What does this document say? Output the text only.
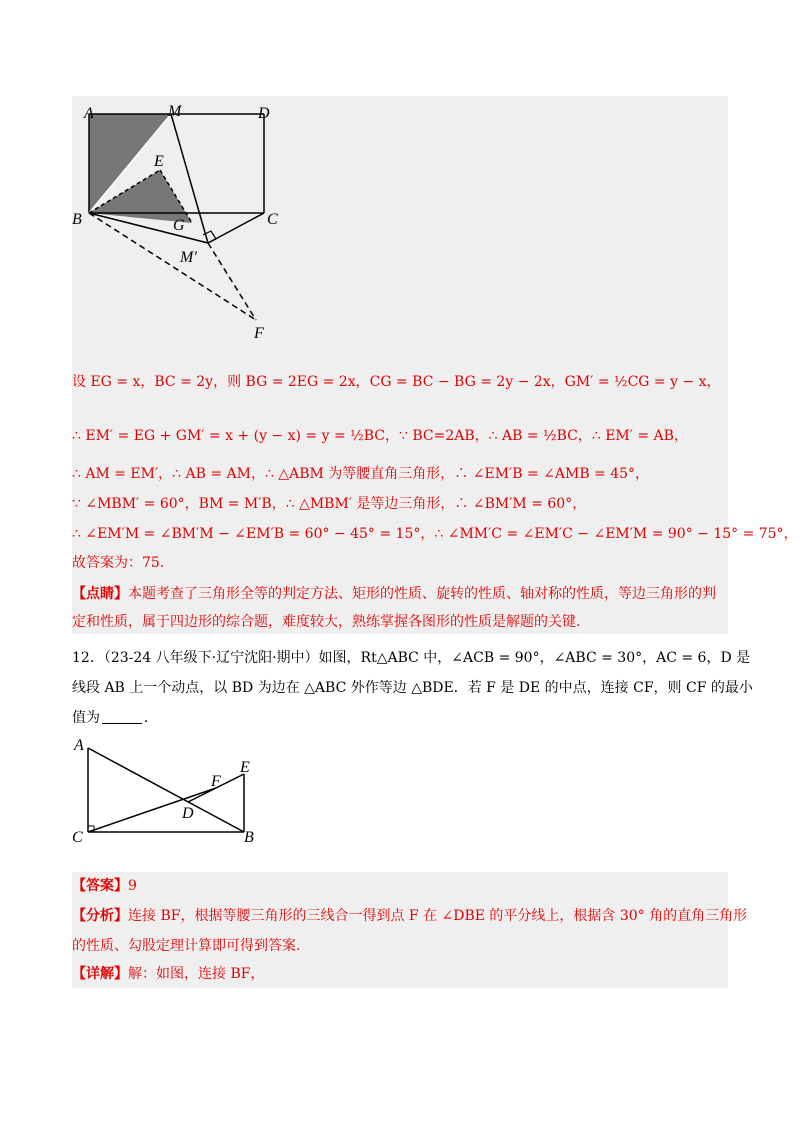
A	M	D
E
B	G	C
M′
F
设 EG = x，BC = 2y，则 BG = 2EG = 2x，CG = BC − BG = 2y − 2x，GM′ = ½CG = y − x，
∴ EM′ = EG + GM′ = x + (y − x) = y = ½BC，∵ BC=2AB，∴ AB = ½BC，∴ EM′ = AB，
∴ AM = EM′，∴ AB = AM，∴ △ABM 为等腰直角三角形，∴ ∠EM′B = ∠AMB = 45°，
∵ ∠MBM′ = 60°，BM = M′B，∴ △MBM′ 是等边三角形，∴ ∠BM′M = 60°，
∴ ∠EM′M = ∠BM′M − ∠EM′B = 60° − 45° = 15°，∴ ∠MM′C = ∠EM′C − ∠EM′M = 90° − 15° = 75°，
故答案为：75．
【点睛】本题考查了三角形全等的判定方法、矩形的性质、旋转的性质、轴对称的性质，等边三角形的判
定和性质，属于四边形的综合题，难度较大，熟练掌握各图形的性质是解题的关键．
12．（23-24 八年级下·辽宁沈阳·期中）如图，Rt△ABC 中，∠ACB = 90°，∠ABC = 30°，AC = 6，D 是
线段 AB 上一个动点，以 BD 为边在 △ABC 外作等边 △BDE．若 F 是 DE 的中点，连接 CF，则 CF 的最小
值为	．
A
E
F
D
C	B
【答案】9
【分析】连接 BF，根据等腰三角形的三线合一得到点 F 在 ∠DBE 的平分线上，根据含 30° 角的直角三角形
的性质、勾股定理计算即可得到答案．
【详解】解：如图，连接 BF，
